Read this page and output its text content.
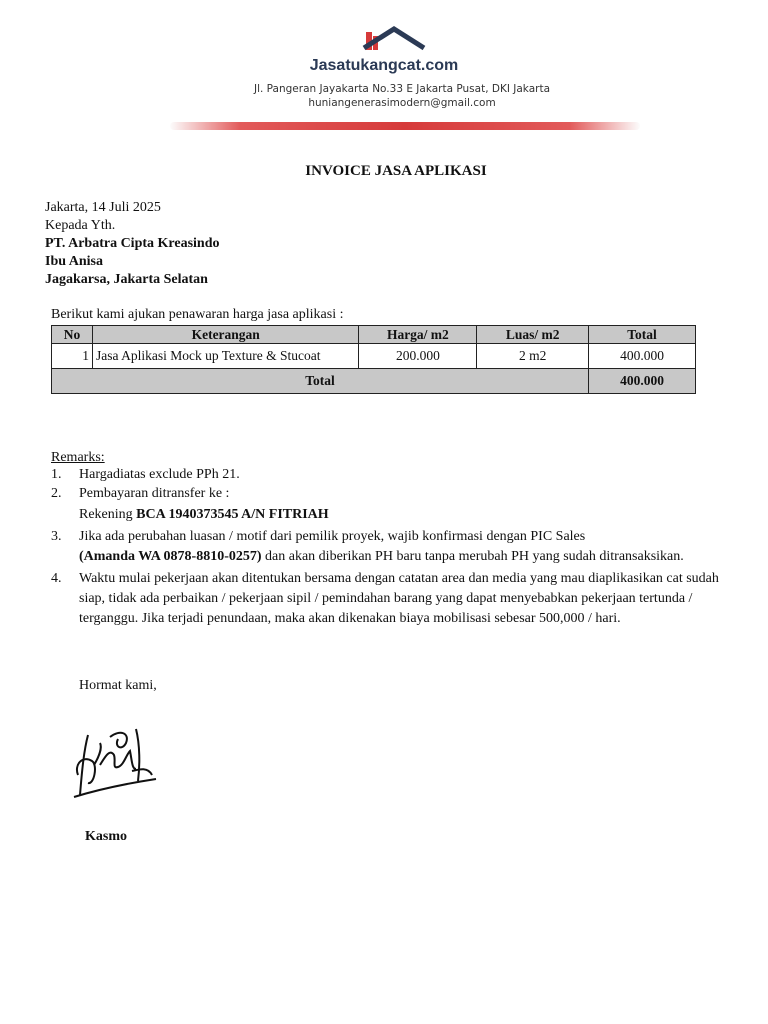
Jasatukangcat.com
Jl. Pangeran Jayakarta No.33 E Jakarta Pusat, DKI Jakarta
huniangenerasimodern@gmail.com
INVOICE JASA APLIKASI
Jakarta, 14 Juli 2025
Kepada Yth.
PT. Arbatra Cipta Kreasindo
Ibu Anisa
Jagakarsa, Jakarta Selatan
Berikut kami ajukan penawaran harga jasa aplikasi :
No	Keterangan	Harga/ m2	Luas/ m2	Total
1	Jasa Aplikasi Mock up Texture & Stucoat	200.000	2 m2	400.000
Total				400.000
Remarks:
1. Hargadiatas exclude PPh 21.
2. Pembayaran ditransfer ke :
Rekening BCA 1940373545 A/N FITRIAH
3. Jika ada perubahan luasan / motif dari pemilik proyek, wajib konfirmasi dengan PIC Sales
(Amanda WA 0878-8810-0257) dan akan diberikan PH baru tanpa merubah PH yang sudah ditransaksikan.
4. Waktu mulai pekerjaan akan ditentukan bersama dengan catatan area dan media yang mau diaplikasikan cat sudah siap, tidak ada perbaikan / pekerjaan sipil / pemindahan barang yang dapat menyebabkan pekerjaan tertunda / terganggu. Jika terjadi penundaan, maka akan dikenakan biaya mobilisasi sebesar 500,000 / hari.
Hormat kami,
Kasmo
